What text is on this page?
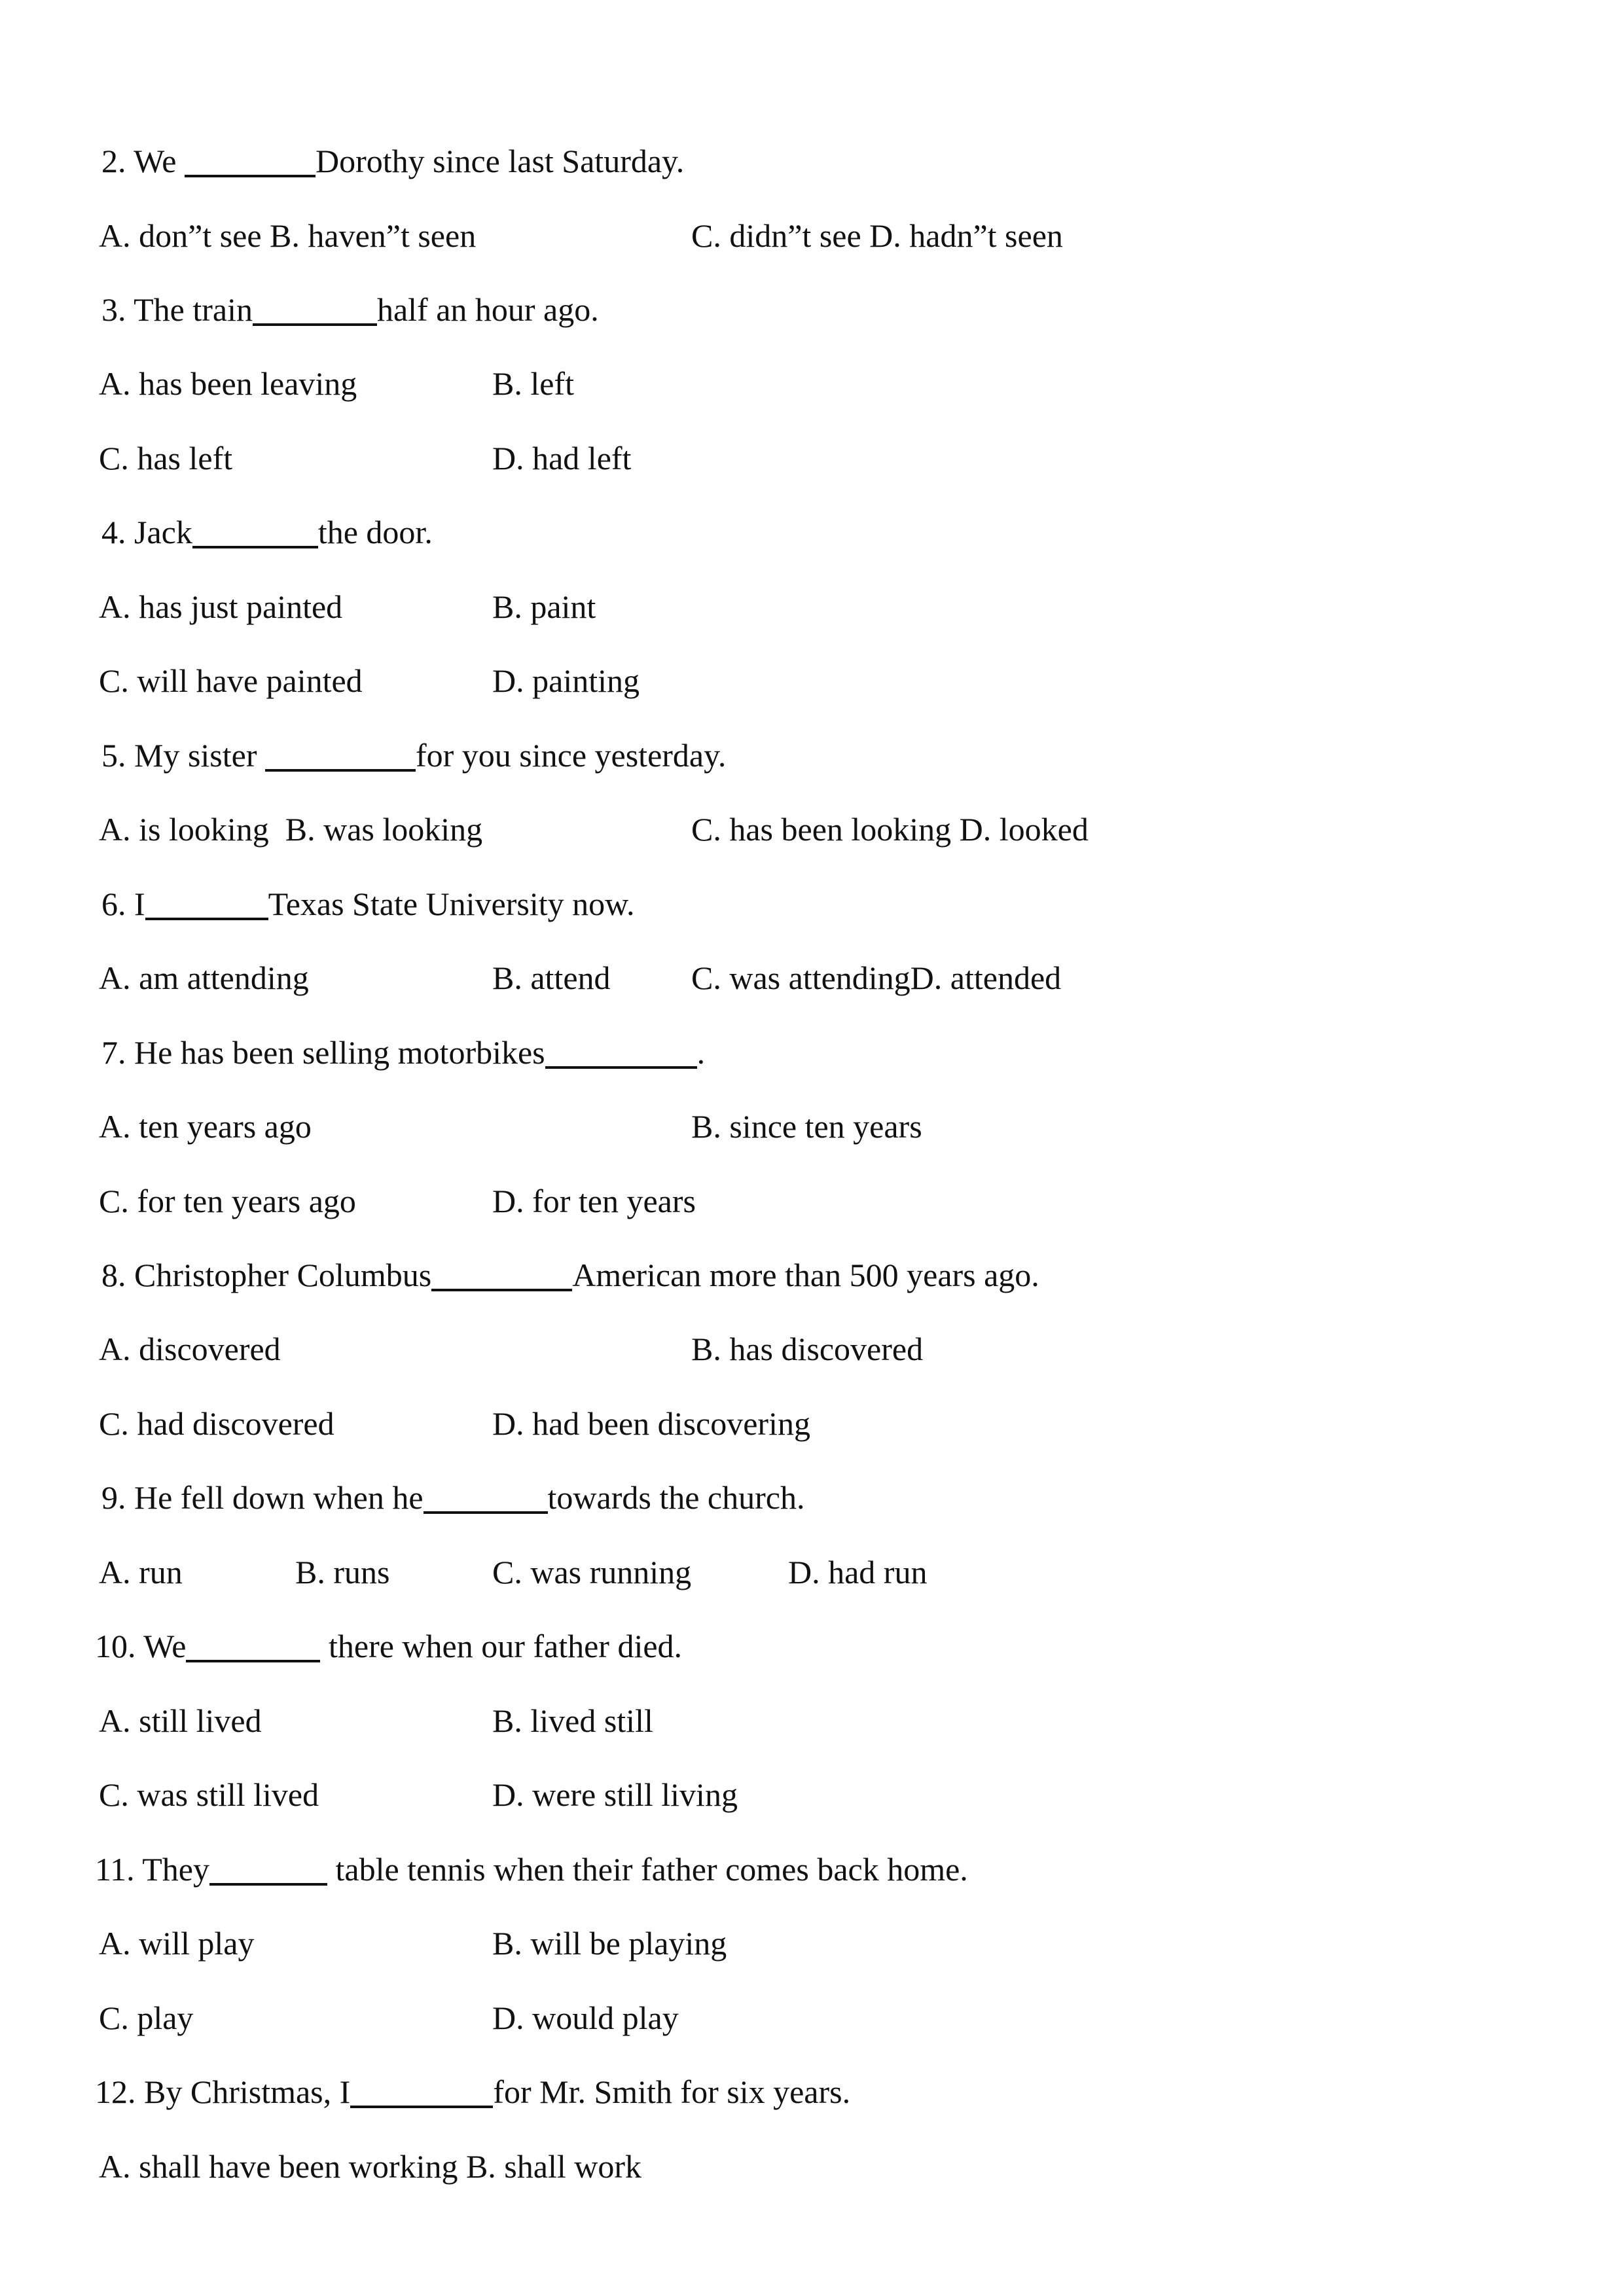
2. We	Dorothy since last Saturday.
A. don”t see B. haven”t seen	C. didn”t see D. hadn”t seen
3. The train	half an hour ago.
A. has been leaving	B. left
C. has left	D. had left
4. Jack	the door.
A. has just painted	B. paint
C. will have painted	D. painting
5. My sister	for you since yesterday.
A. is looking  B. was looking	C. has been looking D. looked
6. I	Texas State University now.
A. am attending	B. attend C. was attendingD. attended
7. He has been selling motorbikes	.
A. ten years ago	B. since ten years
C. for ten years ago	D. for ten years
8. Christopher Columbus	American more than 500 years ago.
A. discovered	B. has discovered
C. had discovered	D. had been discovering
9. He fell down when he	towards the church.
A. run	B. runs	C. was running	D. had run
10. We	there when our father died.
A. still lived	B. lived still
C. was still lived	D. were still living
11. They	table tennis when their father comes back home.
A. will play	B. will be playing
C. play	D. would play
12. By Christmas, I	for Mr. Smith for six years.
A. shall have been working B. shall work
